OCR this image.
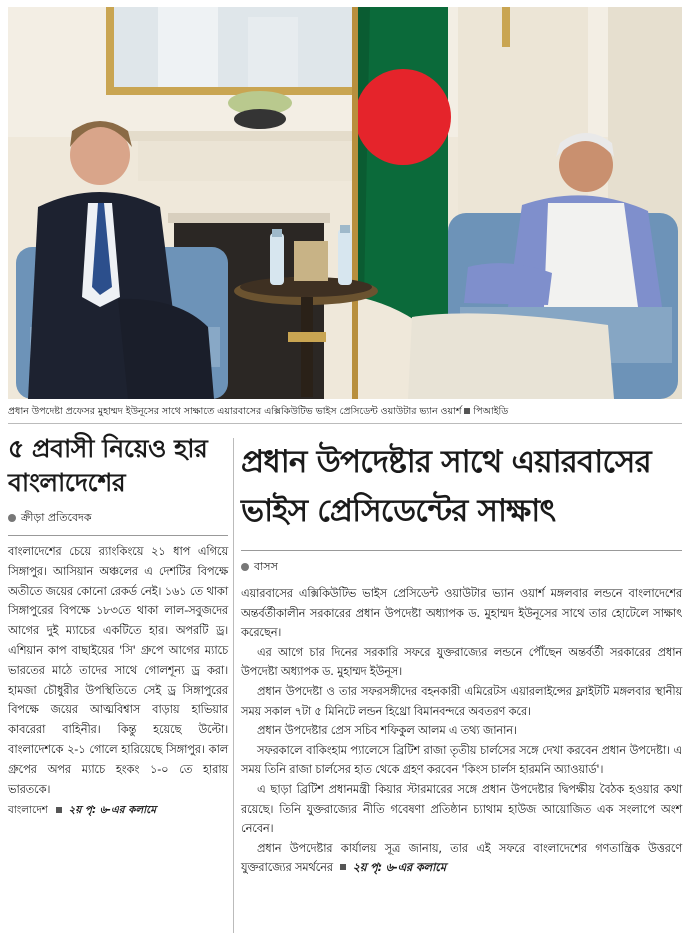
প্রধান উপদেষ্টা প্রফেসর মুহাম্মদ ইউনূসের সাথে সাক্ষাতে এয়ারবাসের এক্সিকিউটিভ ভাইস প্রেসিডেন্ট ওয়াউটার ভ্যান ওয়ার্শ পিআইডি
৫ প্রবাসী নিয়েও হার
বাংলাদেশের
ক্রীড়া প্রতিবেদক
বাংলাদেশের চেয়ে র‍্যাংকিংয়ে ২১ ধাপ এগিয়ে সিঙ্গাপুর। আসিয়ান অঞ্চলের এ দেশটির বিপক্ষে অতীতে জয়ের কোনো রেকর্ড নেই। ১৬১ তে থাকা সিঙ্গাপুরের বিপক্ষে ১৮৩তে থাকা লাল-সবুজদের আগের দুই ম্যাচের একটিতে হার। অপরটি ড্র। এশিয়ান কাপ বাছাইয়ের 'সি' গ্রুপে আগের ম্যাচে ভারতের মাঠে তাদের সাথে গোলশূন্য ড্র করা। হামজা চৌধুরীর উপস্থিতিতে সেই ড্র সিঙ্গাপুরের বিপক্ষে জয়ের আত্মবিশ্বাস বাড়ায় হাভিয়ার কাবরেরা বাহিনীর। কিন্তু হয়েছে উল্টো। বাংলাদেশকে ২-১ গোলে হারিয়েছে সিঙ্গাপুর। কাল গ্রুপের অপর ম্যাচে হংকং ১-০ তে হারায় ভারতকে।
বাংলাদেশ ২য় পৃ: ৬-এর কলামে
প্রধান উপদেষ্টার সাথে এয়ারবাসের
ভাইস প্রেসিডেন্টের সাক্ষাৎ
বাসস

এয়ারবাসের এক্সিকিউটিভ ভাইস প্রেসিডেন্ট ওয়াউটার ভ্যান ওয়ার্শ মঙ্গলবার লন্ডনে বাংলাদেশের অন্তর্বর্তীকালীন সরকারের প্রধান উপদেষ্টা অধ্যাপক ড. মুহাম্মদ ইউনূসের সাথে তার হোটেলে সাক্ষাৎ করেছেন।

এর আগে চার দিনের সরকারি সফরে যুক্তরাজ্যের লন্ডনে পৌঁছেন অন্তর্বর্তী সরকারের প্রধান উপদেষ্টা অধ্যাপক ড. মুহাম্মদ ইউনূস।

প্রধান উপদেষ্টা ও তার সফরসঙ্গীদের বহনকারী এমিরেটস এয়ারলাইন্সের ফ্লাইটটি মঙ্গলবার স্থানীয় সময় সকাল ৭টা ৫ মিনিটে লন্ডন হিথ্রো বিমানবন্দরে অবতরণ করে।

প্রধান উপদেষ্টার প্রেস সচিব শফিকুল আলম এ তথ্য জানান।

সফরকালে বাকিংহাম প্যালেসে ব্রিটিশ রাজা তৃতীয় চার্লসের সঙ্গে দেখা করবেন প্রধান উপদেষ্টা। এ সময় তিনি রাজা চার্লসের হাত থেকে গ্রহণ করবেন 'কিংস চার্লস হারমনি অ্যাওয়ার্ড'।

এ ছাড়া ব্রিটিশ প্রধানমন্ত্রী কিয়ার স্টারমারের সঙ্গে প্রধান উপদেষ্টার দ্বিপক্ষীয় বৈঠক হওয়ার কথা রয়েছে। তিনি যুক্তরাজ্যের নীতি গবেষণা প্রতিষ্ঠান চ্যাথাম হাউজ আয়োজিত এক সংলাপে অংশ নেবেন।

প্রধান উপদেষ্টার কার্যালয় সূত্র জানায়, তার এই সফরে বাংলাদেশের গণতান্ত্রিক উত্তরণে যুক্তরাজ্যের সমর্থনের ২য় পৃ: ৬-এর কলামে
